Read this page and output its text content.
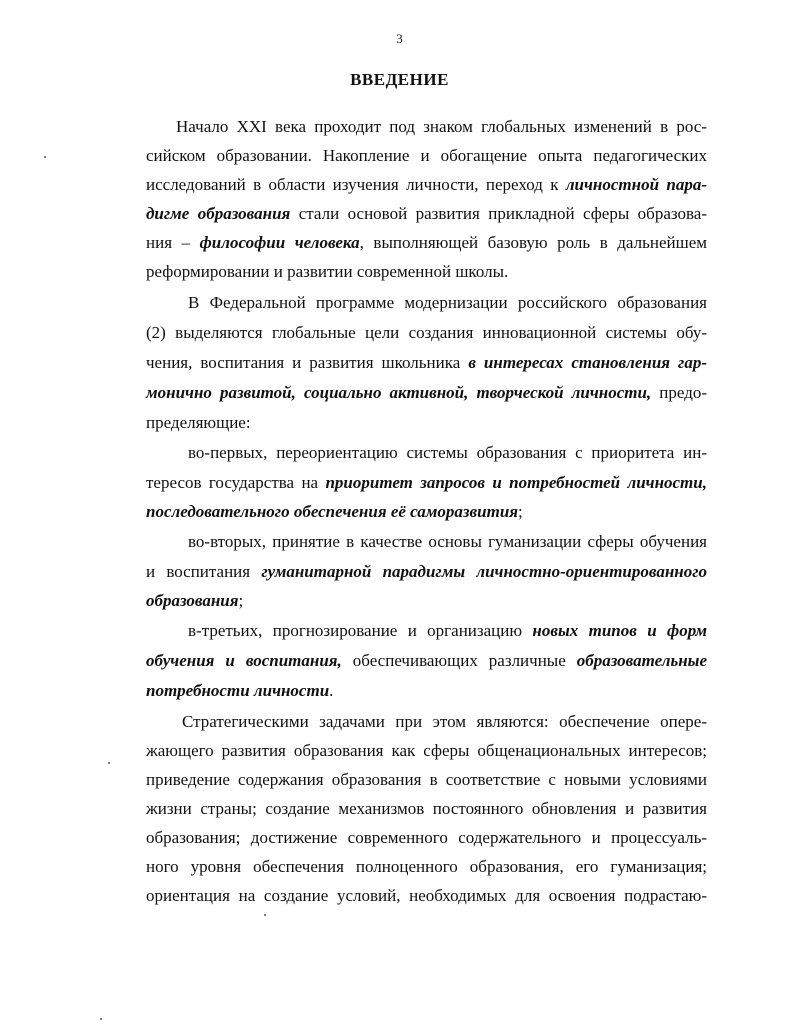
3
ВВЕДЕНИЕ
Начало XXI века проходит под знаком глобальных изменений в рос-
сийском образовании. Накопление и обогащение опыта педагогических
исследований в области изучения личности, переход к личностной пара-
дигме образования стали основой развития прикладной сферы образова-
ния – философии человека, выполняющей базовую роль в дальнейшем
реформировании и развитии современной школы.
В Федеральной программе модернизации российского образования
(2) выделяются глобальные цели создания инновационной системы обу-
чения, воспитания и развития школьника в интересах становления гар-
монично развитой, социально активной, творческой личности, предо-
пределяющие:
во-первых, переориентацию системы образования с приоритета ин-
тересов государства на приоритет запросов и потребностей личности,
последовательного обеспечения её саморазвития;
во-вторых, принятие в качестве основы гуманизации сферы обучения
и воспитания гуманитарной парадигмы личностно-ориентированного
образования;
в-третьих, прогнозирование и организацию новых типов и форм
обучения и воспитания, обеспечивающих различные образовательные
потребности личности.
Стратегическими задачами при этом являются: обеспечение опере-
жающего развития образования как сферы общенациональных интересов;
приведение содержания образования в соответствие с новыми условиями
жизни страны; создание механизмов постоянного обновления и развития
образования; достижение современного содержательного и процессуаль-
ного уровня обеспечения полноценного образования, его гуманизация;
ориентация на создание условий, необходимых для освоения подрастаю-
